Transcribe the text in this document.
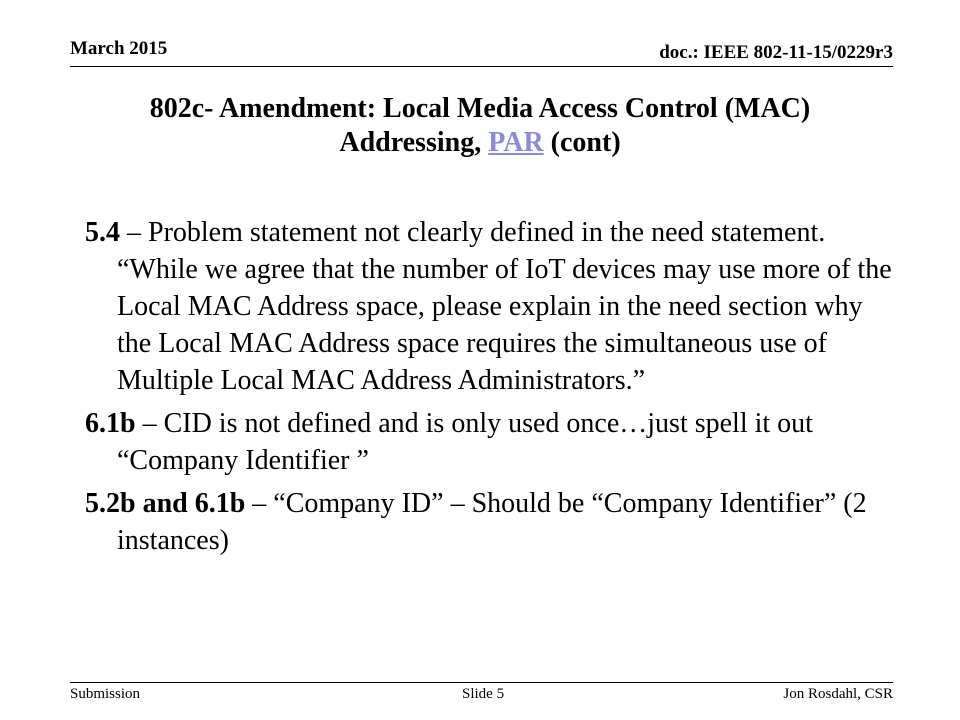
March 2015	doc.: IEEE 802-11-15/0229r3
802c- Amendment: Local Media Access Control (MAC)
Addressing, PAR (cont)

5.4 – Problem statement not clearly defined in the need statement. “While we agree that the number of IoT devices may use more of the Local MAC Address space, please explain in the need section why the Local MAC Address space requires the simultaneous use of Multiple Local MAC Address Administrators.”

6.1b – CID is not defined and is only used once…just spell it out “Company Identifier ”

5.2b and 6.1b – “Company ID” – Should be “Company Identifier” (2 instances)

Submission	Slide 5	Jon Rosdahl, CSR
